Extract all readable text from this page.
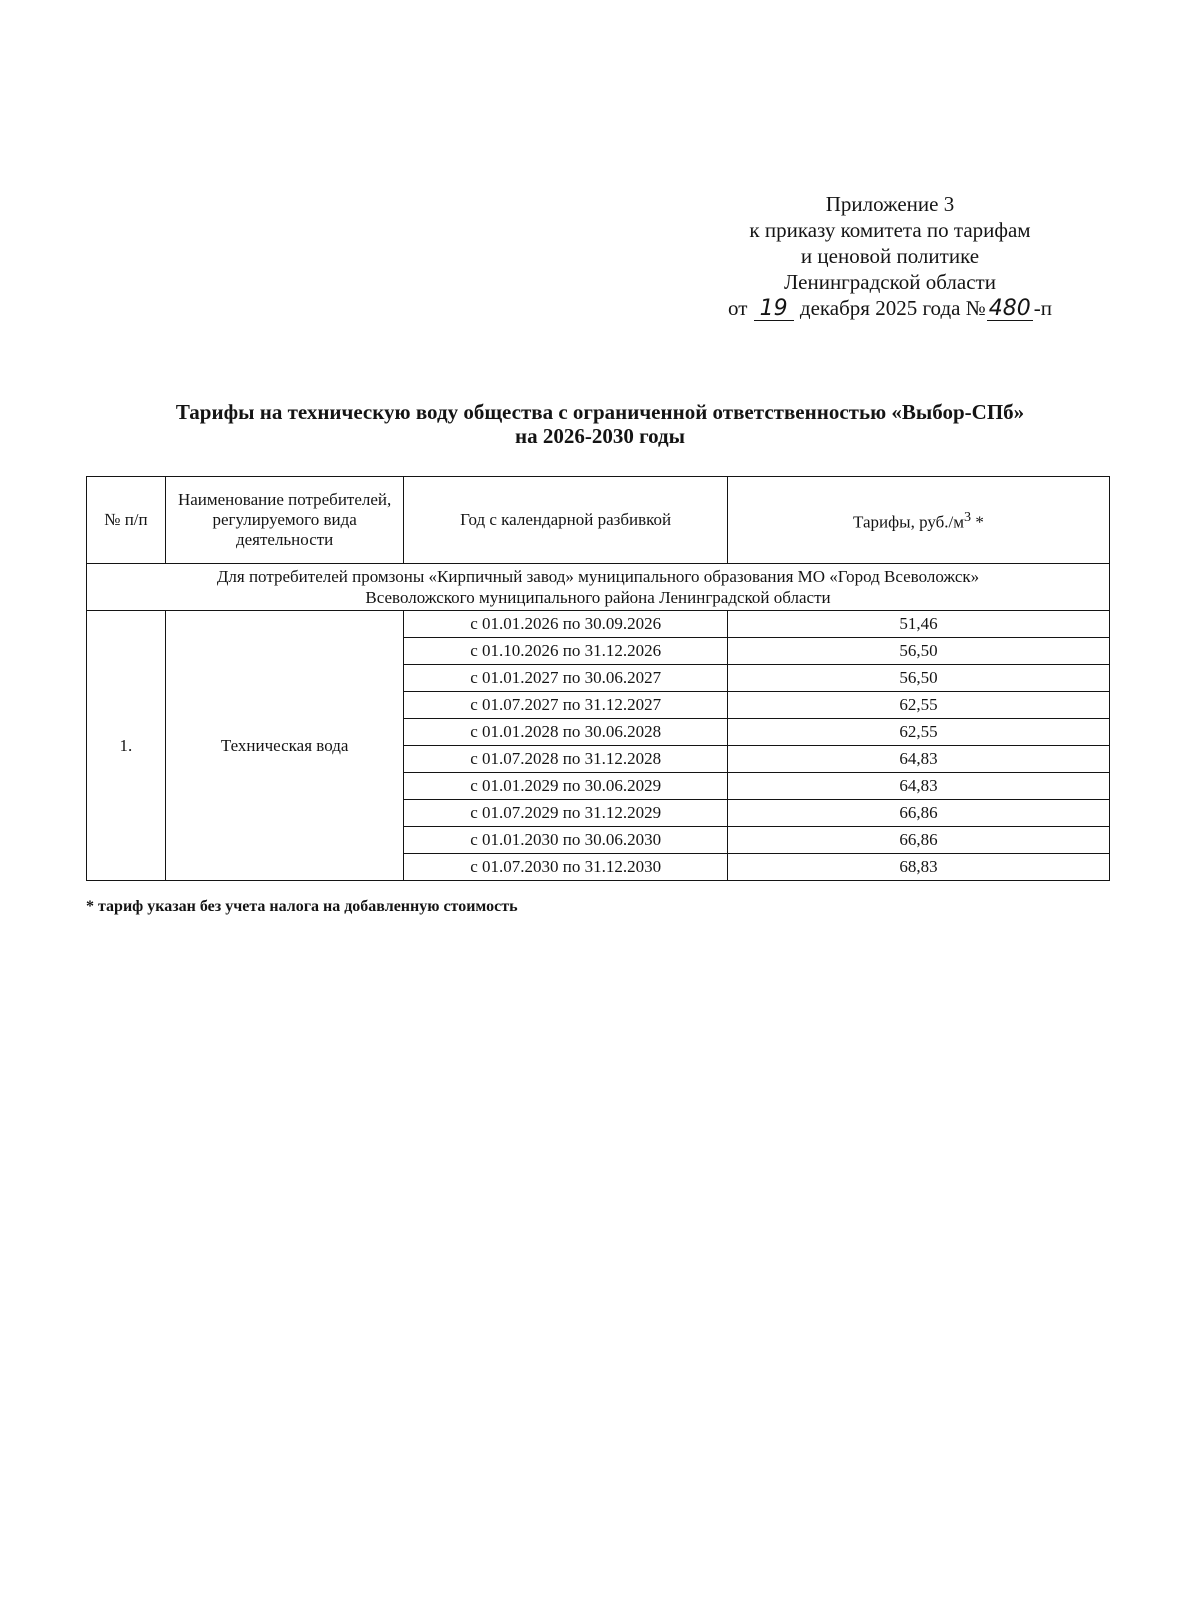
Приложение 3
к приказу комитета по тарифам
и ценовой политике
Ленинградской области
от 19 декабря 2025 года № 480 -п
Тарифы на техническую воду общества с ограниченной ответственностью «Выбор-СПб»
на 2026-2030 годы
№ п/п	Наименование потребителей, регулируемого вида деятельности	Год с календарной разбивкой	Тарифы, $руб./м^3$ *
Для потребителей промзоны «Кирпичный завод» муниципального образования МО «Город Всеволожск»
Всеволожского муниципального района Ленинградской области			
1.	Техническая вода	с 01.01.2026 по 30.09.2026	51,46
		с 01.10.2026 по 31.12.2026	56,50
		с 01.01.2027 по 30.06.2027	56,50
		с 01.07.2027 по 31.12.2027	62,55
		с 01.01.2028 по 30.06.2028	62,55
		с 01.07.2028 по 31.12.2028	64,83
		с 01.01.2029 по 30.06.2029	64,83
		с 01.07.2029 по 31.12.2029	66,86
		с 01.01.2030 по 30.06.2030	66,86
		с 01.07.2030 по 31.12.2030	68,83
* тариф указан без учета налога на добавленную стоимость
